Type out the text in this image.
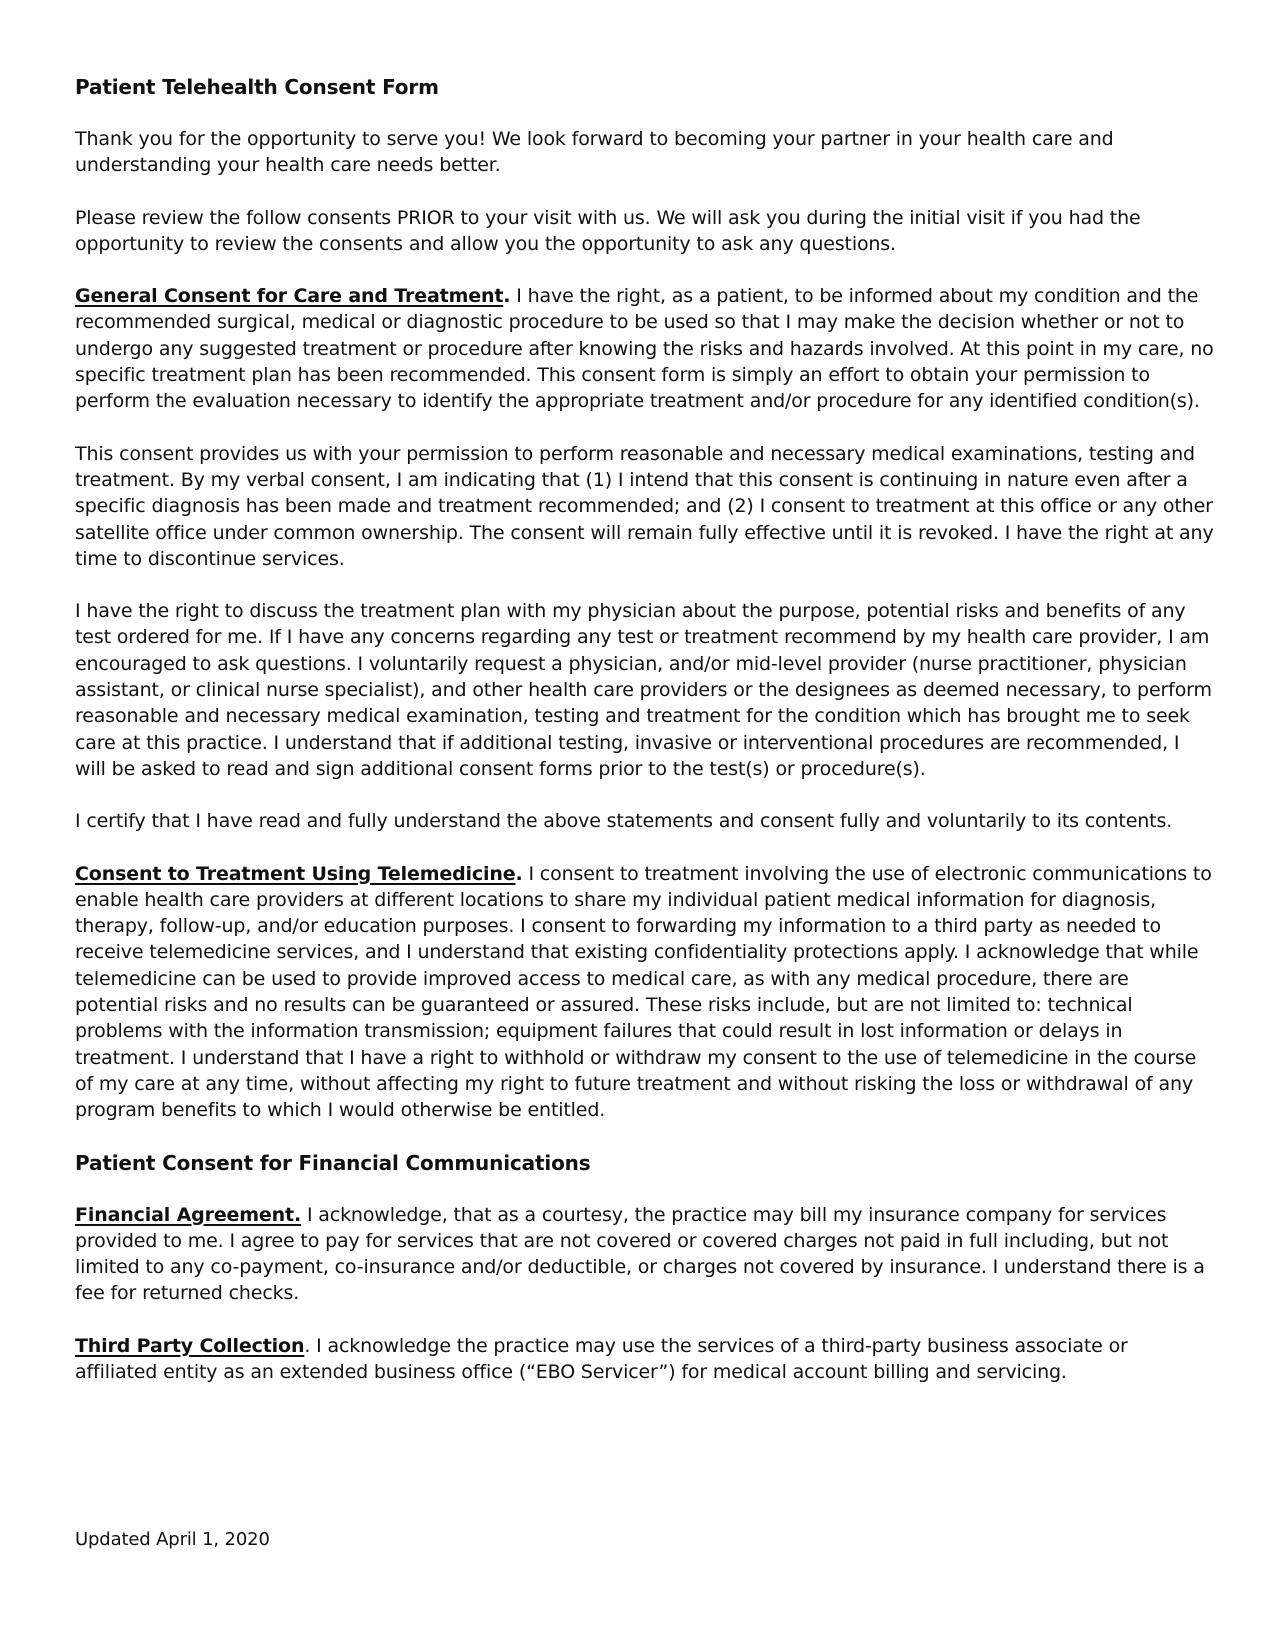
Patient Telehealth Consent Form

Thank you for the opportunity to serve you! We look forward to becoming your partner in your health care and understanding your health care needs better.

Please review the follow consents PRIOR to your visit with us. We will ask you during the initial visit if you had the opportunity to review the consents and allow you the opportunity to ask any questions.

General Consent for Care and Treatment. I have the right, as a patient, to be informed about my condition and the recommended surgical, medical or diagnostic procedure to be used so that I may make the decision whether or not to undergo any suggested treatment or procedure after knowing the risks and hazards involved. At this point in my care, no specific treatment plan has been recommended. This consent form is simply an effort to obtain your permission to perform the evaluation necessary to identify the appropriate treatment and/or procedure for any identified condition(s).

This consent provides us with your permission to perform reasonable and necessary medical examinations, testing and treatment. By my verbal consent, I am indicating that (1) I intend that this consent is continuing in nature even after a specific diagnosis has been made and treatment recommended; and (2) I consent to treatment at this office or any other satellite office under common ownership. The consent will remain fully effective until it is revoked. I have the right at any time to discontinue services.

I have the right to discuss the treatment plan with my physician about the purpose, potential risks and benefits of any test ordered for me. If I have any concerns regarding any test or treatment recommend by my health care provider, I am encouraged to ask questions. I voluntarily request a physician, and/or mid-level provider (nurse practitioner, physician assistant, or clinical nurse specialist), and other health care providers or the designees as deemed necessary, to perform reasonable and necessary medical examination, testing and treatment for the condition which has brought me to seek care at this practice. I understand that if additional testing, invasive or interventional procedures are recommended, I will be asked to read and sign additional consent forms prior to the test(s) or procedure(s).

I certify that I have read and fully understand the above statements and consent fully and voluntarily to its contents.

Consent to Treatment Using Telemedicine. I consent to treatment involving the use of electronic communications to enable health care providers at different locations to share my individual patient medical information for diagnosis, therapy, follow-up, and/or education purposes. I consent to forwarding my information to a third party as needed to receive telemedicine services, and I understand that existing confidentiality protections apply. I acknowledge that while telemedicine can be used to provide improved access to medical care, as with any medical procedure, there are potential risks and no results can be guaranteed or assured. These risks include, but are not limited to: technical problems with the information transmission; equipment failures that could result in lost information or delays in treatment. I understand that I have a right to withhold or withdraw my consent to the use of telemedicine in the course of my care at any time, without affecting my right to future treatment and without risking the loss or withdrawal of any program benefits to which I would otherwise be entitled.

Patient Consent for Financial Communications

Financial Agreement. I acknowledge, that as a courtesy, the practice may bill my insurance company for services provided to me. I agree to pay for services that are not covered or covered charges not paid in full including, but not limited to any co-payment, co-insurance and/or deductible, or charges not covered by insurance. I understand there is a fee for returned checks.

Third Party Collection. I acknowledge the practice may use the services of a third-party business associate or affiliated entity as an extended business office (“EBO Servicer”) for medical account billing and servicing.

Updated April 1, 2020
